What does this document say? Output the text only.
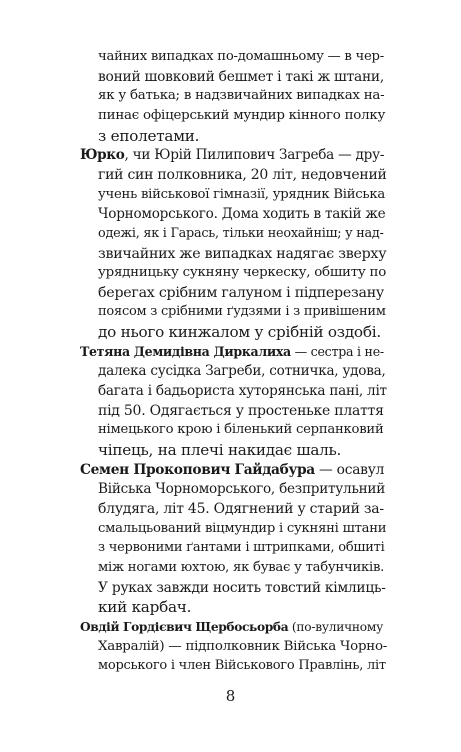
чайних випадках по-домашньому — в чер-
воний шовковий бешмет і такі ж штани,
як у батька; в надзвичайних випадках на-
пинає офіцерський мундир кінного полку
з еполетами.
Юрко, чи Юрій Пилипович Загреба — дру-
гий син полковника, 20 літ, недовчений
учень військової гімназії, урядник Війська
Чорноморського. Дома ходить в такій же
одежі, як і Гарась, тільки неохайніш; у над-
звичайних же випадках надягає зверху
урядницьку сукняну черкеску, обшиту по
берегах срібним галуном і підперезану
поясом з срібними ґудзями і з привішеним
до нього кинжалом у срібній оздобі.
Тетяна Демидівна Диркалиха — сестра і не-
далека сусідка Загреби, сотничка, удова,
багата і бадьориста хуторянська пані, літ
під 50. Одягається у простеньке плаття
німецького крою і біленький серпанковий
чіпець, на плечі накидає шаль.
Семен Прокопович Гайдабура — осавул
Війська Чорноморського, безпритульний
блудяга, літ 45. Одягнений у старий за-
смальцьований віцмундир і сукняні штани
з червоними ґантами і штрипками, обшиті
між ногами юхтою, як буває у табунчиків.
У руках завжди носить товстий кімлиць-
кий карбач.
Овдій Гордієвич Щербосьорба (по-вуличному
Хавралій) — підполковник Війська Чорно-
морського і член Військового Правлінь, літ
8
